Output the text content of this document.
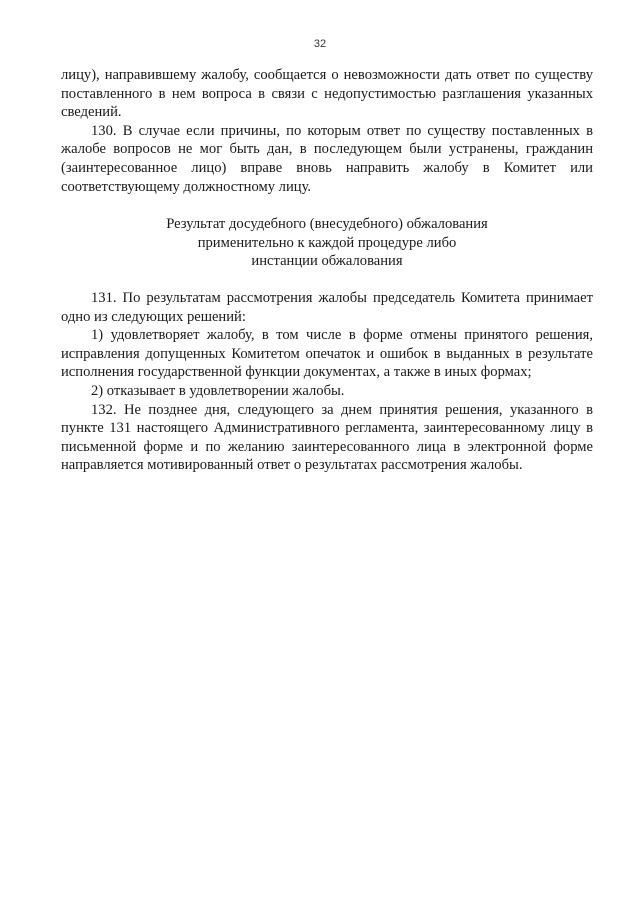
32

лицу), направившему жалобу, сообщается о невозможности дать ответ по существу поставленного в нем вопроса в связи с недопустимостью разглашения указанных сведений.

130. В случае если причины, по которым ответ по существу поставленных в жалобе вопросов не мог быть дан, в последующем были устранены, гражданин (заинтересованное лицо) вправе вновь направить жалобу в Комитет или соответствующему должностному лицу.

Результат досудебного (внесудебного) обжалования
применительно к каждой процедуре либо
инстанции обжалования

131. По результатам рассмотрения жалобы председатель Комитета принимает одно из следующих решений:

1) удовлетворяет жалобу, в том числе в форме отмены принятого решения, исправления допущенных Комитетом опечаток и ошибок в выданных в результате исполнения государственной функции документах, а также в иных формах;

2) отказывает в удовлетворении жалобы.

132. Не позднее дня, следующего за днем принятия решения, указанного в пункте 131 настоящего Административного регламента, заинтересованному лицу в письменной форме и по желанию заинтересованного лица в электронной форме направляется мотивированный ответ о результатах рассмотрения жалобы.
